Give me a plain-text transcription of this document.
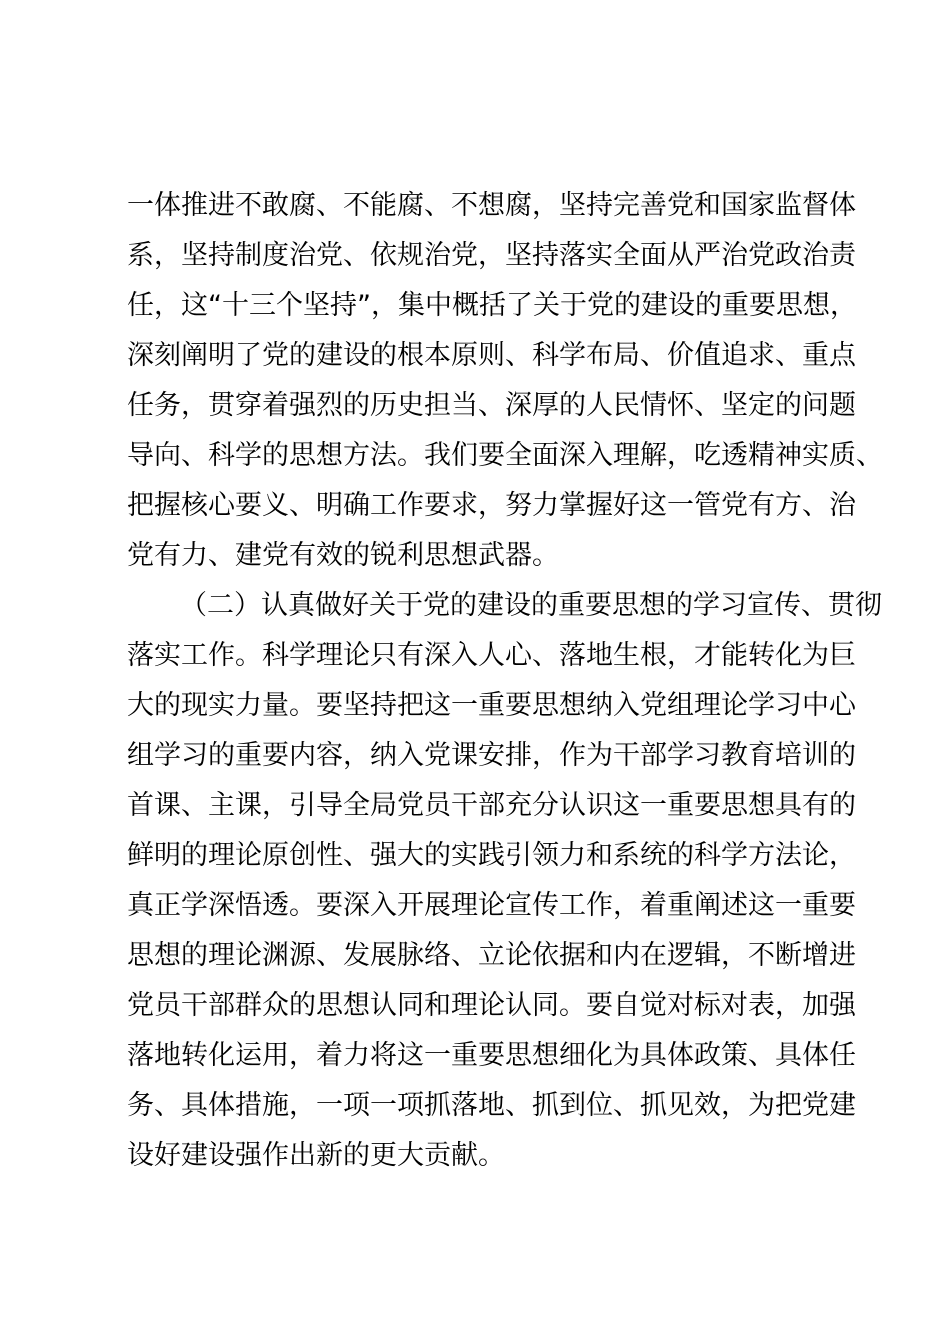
一体推进不敢腐、不能腐、不想腐，坚持完善党和国家监督体
系，坚持制度治党、依规治党，坚持落实全面从严治党政治责
任，这“十三个坚持”，集中概括了关于党的建设的重要思想，
深刻阐明了党的建设的根本原则、科学布局、价值追求、重点
任务，贯穿着强烈的历史担当、深厚的人民情怀、坚定的问题
导向、科学的思想方法。我们要全面深入理解，吃透精神实质、
把握核心要义、明确工作要求，努力掌握好这一管党有方、治
党有力、建党有效的锐利思想武器。
（二）认真做好关于党的建设的重要思想的学习宣传、贯彻
落实工作。科学理论只有深入人心、落地生根，才能转化为巨
大的现实力量。要坚持把这一重要思想纳入党组理论学习中心
组学习的重要内容，纳入党课安排，作为干部学习教育培训的
首课、主课，引导全局党员干部充分认识这一重要思想具有的
鲜明的理论原创性、强大的实践引领力和系统的科学方法论，
真正学深悟透。要深入开展理论宣传工作，着重阐述这一重要
思想的理论渊源、发展脉络、立论依据和内在逻辑，不断增进
党员干部群众的思想认同和理论认同。要自觉对标对表，加强
落地转化运用，着力将这一重要思想细化为具体政策、具体任
务、具体措施，一项一项抓落地、抓到位、抓见效，为把党建
设好建设强作出新的更大贡献。
